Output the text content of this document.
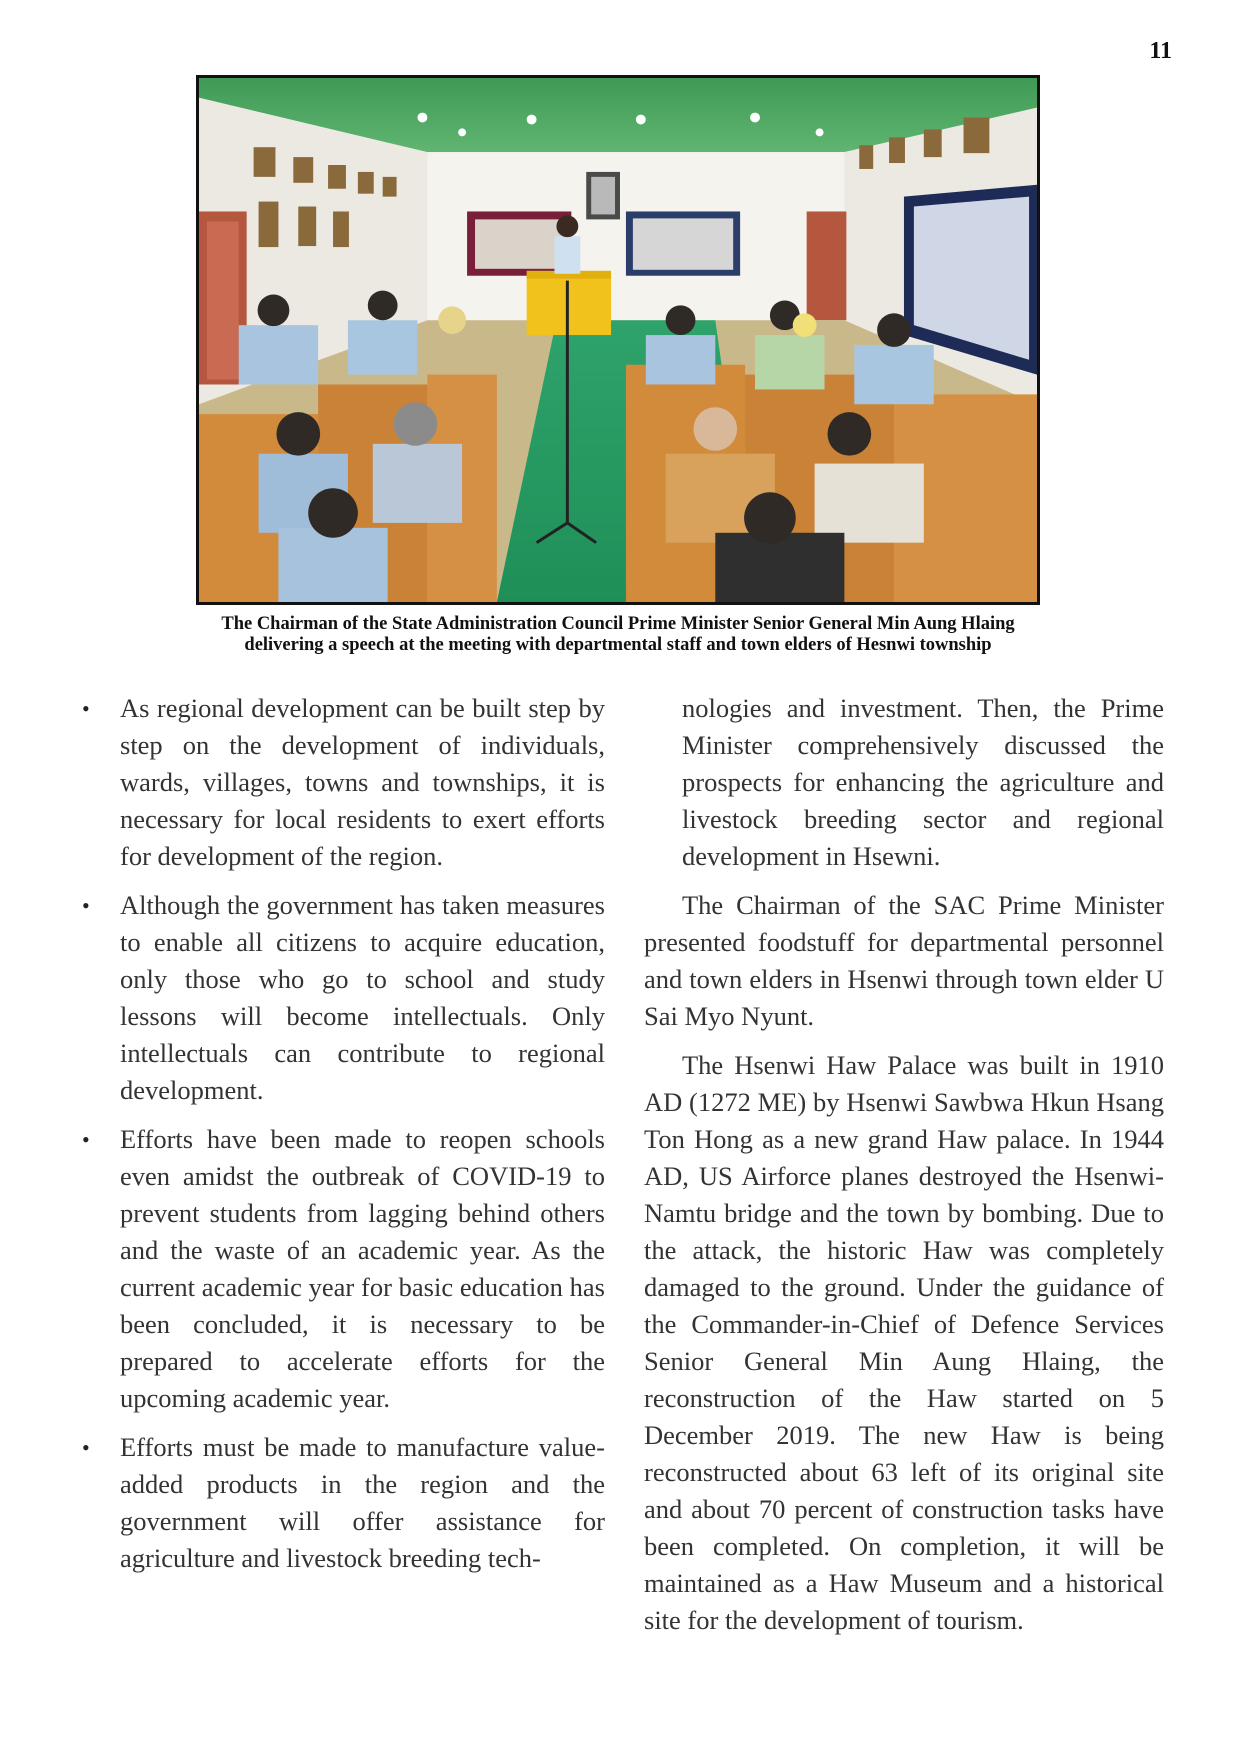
11
The Chairman of the State Administration Council Prime Minister Senior General Min Aung Hlaing delivering a speech at the meeting with departmental staff and town elders of Hesnwi township
• As regional development can be built step by step on the development of individuals, wards, villages, towns and townships, it is necessary for local residents to exert efforts for development of the region.
• Although the government has taken measures to enable all citizens to acquire education, only those who go to school and study lessons will become intellectuals. Only intellectuals can contribute to regional development.
• Efforts have been made to reopen schools even amidst the outbreak of COVID-19 to prevent students from lagging behind others and the waste of an academic year. As the current academic year for basic education has been concluded, it is necessary to be prepared to accelerate efforts for the upcoming academic year.
• Efforts must be made to manufacture value-added products in the region and the government will offer assistance for agriculture and livestock breeding tech-

nologies and investment. Then, the Prime Minister comprehensively discussed the prospects for enhancing the agriculture and livestock breeding sector and regional development in Hsewni.

The Chairman of the SAC Prime Minister presented foodstuff for departmental personnel and town elders in Hsenwi through town elder U Sai Myo Nyunt.

The Hsenwi Haw Palace was built in 1910 AD (1272 ME) by Hsenwi Sawbwa Hkun Hsang Ton Hong as a new grand Haw palace. In 1944 AD, US Airforce planes destroyed the Hsenwi-Namtu bridge and the town by bombing. Due to the attack, the historic Haw was completely damaged to the ground. Under the guidance of the Commander-in-Chief of Defence Services Senior General Min Aung Hlaing, the reconstruction of the Haw started on 5 December 2019. The new Haw is being reconstructed about 63 left of its original site and about 70 percent of construction tasks have been completed. On completion, it will be maintained as a Haw Museum and a historical site for the development of tourism.
